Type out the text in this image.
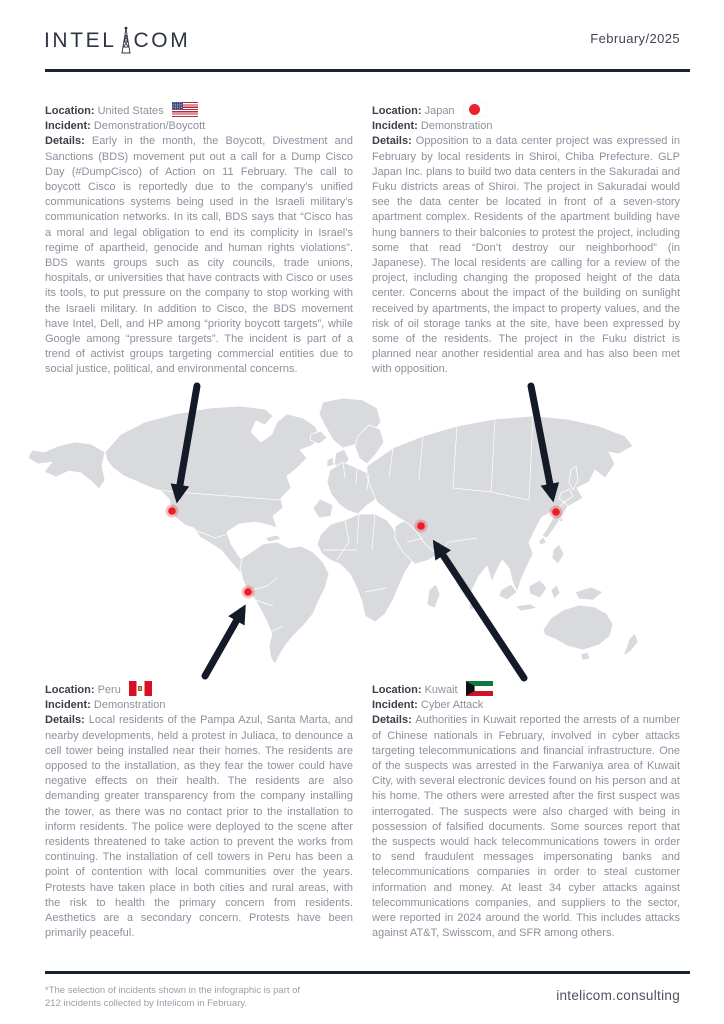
INTEL COM	February/2025
Location: United States
Incident: Demonstration/Boycott

Details: Early in the month, the Boycott, Divestment and Sanctions (BDS) movement put out a call for a Dump Cisco Day (#DumpCisco) of Action on 11 February. The call to boycott Cisco is reportedly due to the company’s unified communications systems being used in the Israeli military’s communication networks. In its call, BDS says that “Cisco has a moral and legal obligation to end its complicity in Israel’s regime of apartheid, genocide and human rights violations”. BDS wants groups such as city councils, trade unions, hospitals, or universities that have contracts with Cisco or uses its tools, to put pressure on the company to stop working with the Israeli military. In addition to Cisco, the BDS movement have Intel, Dell, and HP among “priority boycott targets”, while Google among “pressure targets”. The incident is part of a trend of activist groups targeting commercial entities due to social justice, political, and environmental concerns.

Location: Japan
Incident: Demonstration

Details: Opposition to a data center project was expressed in February by local residents in Shiroi, Chiba Prefecture. GLP Japan Inc. plans to build two data centers in the Sakuradai and Fuku districts areas of Shiroi. The project in Sakuradai would see the data center be located in front of a seven-story apartment complex. Residents of the apartment building have hung banners to their balconies to protest the project, including some that read “Don’t destroy our neighborhood” (in Japanese). The local residents are calling for a review of the project, including changing the proposed height of the data center. Concerns about the impact of the building on sunlight received by apartments, the impact to property values, and the risk of oil storage tanks at the site, have been expressed by some of the residents. The project in the Fuku district is planned near another residential area and has also been met with opposition.

Location: Peru
Incident: Demonstration

Details: Local residents of the Pampa Azul, Santa Marta, and nearby developments, held a protest in Juliaca, to denounce a cell tower being installed near their homes. The residents are opposed to the installation, as they fear the tower could have negative effects on their health. The residents are also demanding greater transparency from the company installing the tower, as there was no contact prior to the installation to inform residents. The police were deployed to the scene after residents threatened to take action to prevent the works from continuing. The installation of cell towers in Peru has been a point of contention with local communities over the years. Protests have taken place in both cities and rural areas, with the risk to health the primary concern from residents. Aesthetics are a secondary concern. Protests have been primarily peaceful.

Location: Kuwait
Incident: Cyber Attack

Details: Authorities in Kuwait reported the arrests of a number of Chinese nationals in February, involved in cyber attacks targeting telecommunications and financial infrastructure. One of the suspects was arrested in the Farwaniya area of Kuwait City, with several electronic devices found on his person and at his home. The others were arrested after the first suspect was interrogated. The suspects were also charged with being in possession of falsified documents. Some sources report that the suspects would hack telecommunications towers in order to send fraudulent messages impersonating banks and telecommunications companies in order to steal customer information and money. At least 34 cyber attacks against telecommunications companies, and suppliers to the sector, were reported in 2024 around the world. This includes attacks against AT&T, Swisscom, and SFR among others.

*The selection of incidents shown in the infographic is part of 212 incidents collected by Intelicom in February.
intelicom.consulting
